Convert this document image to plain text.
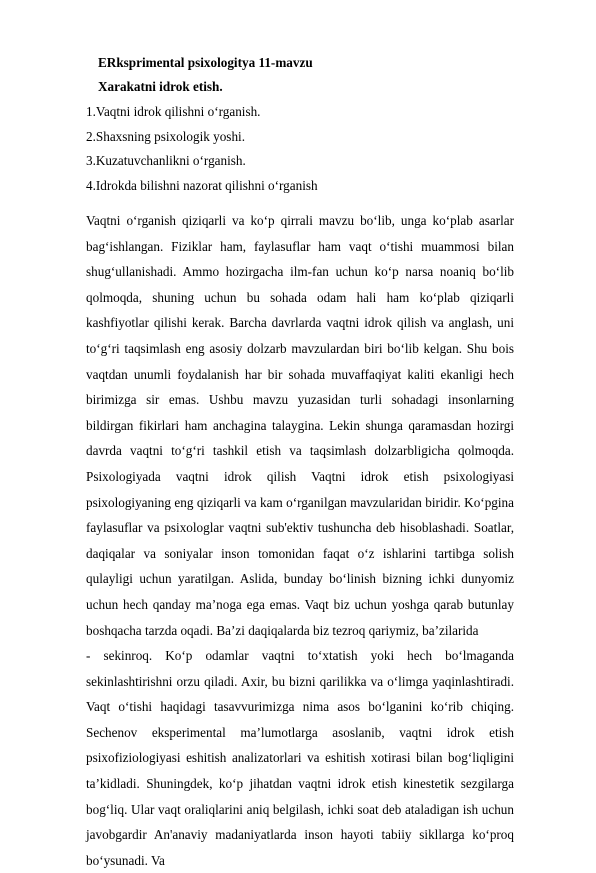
ERksprimental psixologitya 11-mavzu
Xarakatni idrok etish.
1.Vaqtni idrok qilishni o‘rganish.
2.Shaxsning psixologik yoshi.
3.Kuzatuvchanlikni o‘rganish.
4.Idrokda bilishni nazorat qilishni o‘rganish

Vaqtni o‘rganish qiziqarli va ko‘p qirrali mavzu bo‘lib, unga ko‘plab asarlar bag‘ishlangan. Fiziklar ham, faylasuflar ham vaqt o‘tishi muammosi bilan shug‘ullanishadi. Ammo hozirgacha ilm-fan uchun ko‘p narsa noaniq bo‘lib qolmoqda, shuning uchun bu sohada odam hali ham ko‘plab qiziqarli kashfiyotlar qilishi kerak. Barcha davrlarda vaqtni idrok qilish va anglash, uni to‘g‘ri taqsimlash eng asosiy dolzarb mavzulardan biri bo‘lib kelgan. Shu bois vaqtdan unumli foydalanish har bir sohada muvaffaqiyat kaliti ekanligi hech birimizga sir emas. Ushbu mavzu yuzasidan turli sohadagi insonlarning bildirgan fikirlari ham anchagina talaygina. Lekin shunga qaramasdan hozirgi davrda vaqtni to‘g‘ri tashkil etish va taqsimlash dolzarbligicha qolmoqda. Psixologiyada vaqtni idrok qilish Vaqtni idrok etish psixologiyasi psixologiyaning eng qiziqarli va kam o‘rganilgan mavzularidan biridir. Ko‘pgina faylasuflar va psixologlar vaqtni sub'ektiv tushuncha deb hisoblashadi. Soatlar, daqiqalar va soniyalar inson tomonidan faqat o‘z ishlarini tartibga solish qulayligi uchun yaratilgan. Aslida, bunday bo‘linish bizning ichki dunyomiz uchun hech qanday ma’noga ega emas. Vaqt biz uchun yoshga qarab butunlay boshqacha tarzda oqadi. Ba’zi daqiqalarda biz tezroq qariymiz, ba’zilarida

- sekinroq. Ko‘p odamlar vaqtni to‘xtatish yoki hech bo‘lmaganda sekinlashtirishni orzu qiladi. Axir, bu bizni qarilikka va o‘limga yaqinlashtiradi. Vaqt o‘tishi haqidagi tasavvurimizga nima asos bo‘lganini ko‘rib chiqing. Sechenov eksperimental ma’lumotlarga asoslanib, vaqtni idrok etish psixofiziologiyasi eshitish analizatorlari va eshitish xotirasi bilan bog‘liqligini ta’kidladi. Shuningdek, ko‘p jihatdan vaqtni idrok etish kinestetik sezgilarga bog‘liq. Ular vaqt oraliqlarini aniq belgilash, ichki soat deb ataladigan ish uchun javobgardir An'anaviy madaniyatlarda inson hayoti tabiiy sikllarga ko‘proq bo‘ysunadi. Va
